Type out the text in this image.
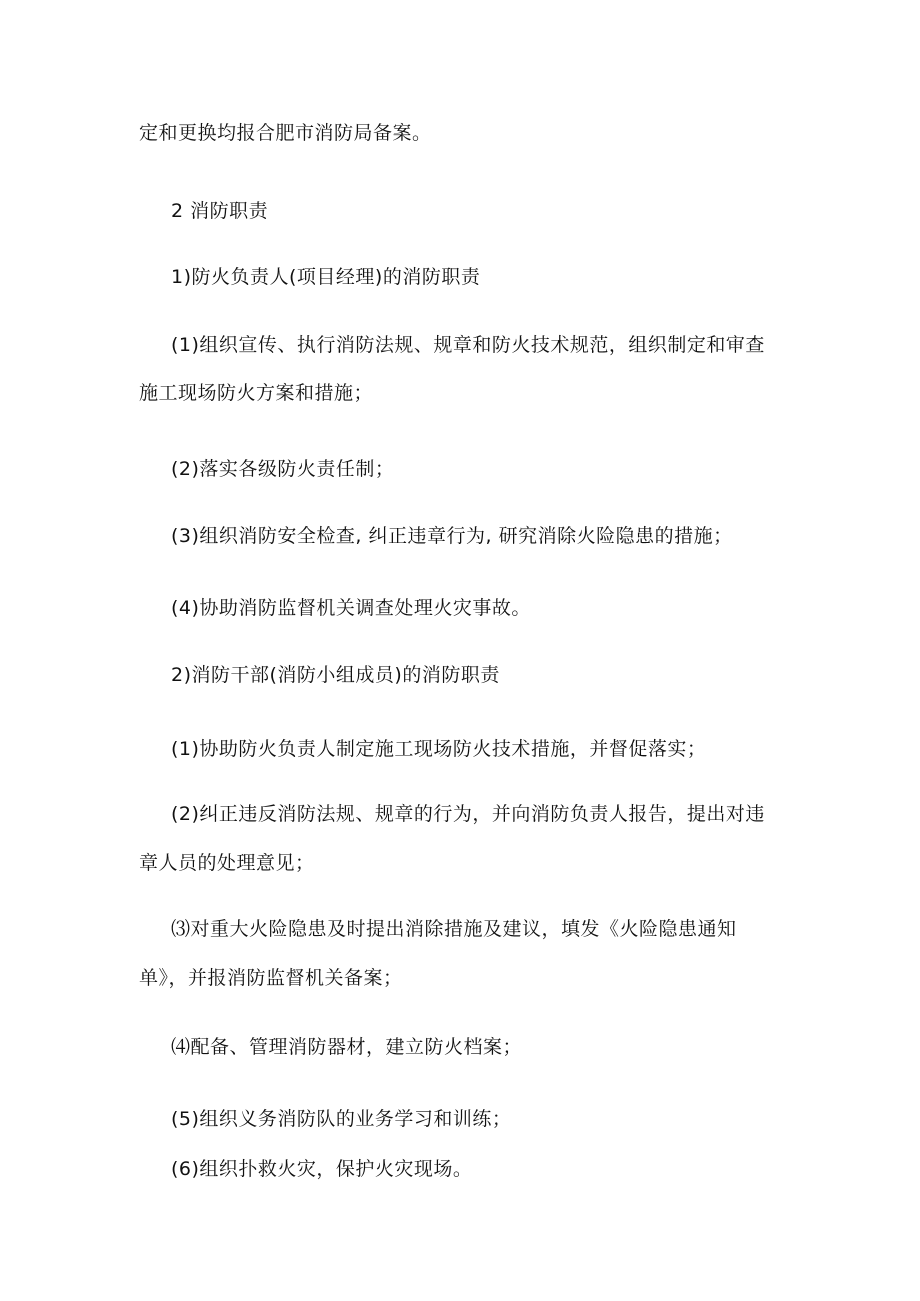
定和更换均报合肥市消防局备案。
2 消防职责
1)防火负责人(项目经理)的消防职责
(1)组织宣传、执行消防法规、规章和防火技术规范，组织制定和审查
施工现场防火方案和措施；
(2)落实各级防火责任制；
(3)组织消防安全检查, 纠正违章行为, 研究消除火险隐患的措施；
(4)协助消防监督机关调查处理火灾事故。
2)消防干部(消防小组成员)的消防职责
(1)协助防火负责人制定施工现场防火技术措施，并督促落实；
(2)纠正违反消防法规、规章的行为，并向消防负责人报告，提出对违
章人员的处理意见；
⑶对重大火险隐患及时提出消除措施及建议，填发《火险隐患通知
单》，并报消防监督机关备案；
⑷配备、管理消防器材，建立防火档案；
(5)组织义务消防队的业务学习和训练；
(6)组织扑救火灾，保护火灾现场。
